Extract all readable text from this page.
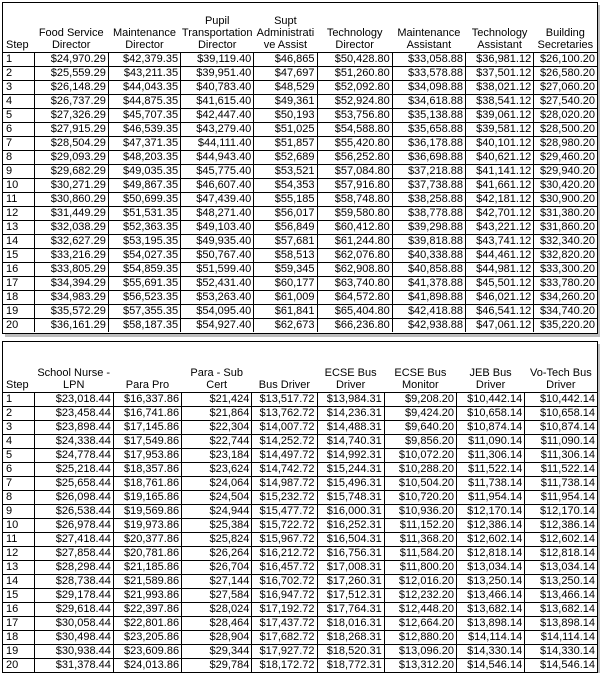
Step	Food Service Director	Maintenance Director	Pupil Transportation Director	Supt Administrative Assist	Technology Director	Maintenance Assistant	Technology Assistant	Building Secretaries
1	$24,970.29	$42,379.35	$39,119.40	$46,865	$50,428.80	$33,058.88	$36,981.12	$26,100.20
2	$25,559.29	$43,211.35	$39,951.40	$47,697	$51,260.80	$33,578.88	$37,501.12	$26,580.20
3	$26,148.29	$44,043.35	$40,783.40	$48,529	$52,092.80	$34,098.88	$38,021.12	$27,060.20
4	$26,737.29	$44,875.35	$41,615.40	$49,361	$52,924.80	$34,618.88	$38,541.12	$27,540.20
5	$27,326.29	$45,707.35	$42,447.40	$50,193	$53,756.80	$35,138.88	$39,061.12	$28,020.20
6	$27,915.29	$46,539.35	$43,279.40	$51,025	$54,588.80	$35,658.88	$39,581.12	$28,500.20
7	$28,504.29	$47,371.35	$44,111.40	$51,857	$55,420.80	$36,178.88	$40,101.12	$28,980.20
8	$29,093.29	$48,203.35	$44,943.40	$52,689	$56,252.80	$36,698.88	$40,621.12	$29,460.20
9	$29,682.29	$49,035.35	$45,775.40	$53,521	$57,084.80	$37,218.88	$41,141.12	$29,940.20
10	$30,271.29	$49,867.35	$46,607.40	$54,353	$57,916.80	$37,738.88	$41,661.12	$30,420.20
11	$30,860.29	$50,699.35	$47,439.40	$55,185	$58,748.80	$38,258.88	$42,181.12	$30,900.20
12	$31,449.29	$51,531.35	$48,271.40	$56,017	$59,580.80	$38,778.88	$42,701.12	$31,380.20
13	$32,038.29	$52,363.35	$49,103.40	$56,849	$60,412.80	$39,298.88	$43,221.12	$31,860.20
14	$32,627.29	$53,195.35	$49,935.40	$57,681	$61,244.80	$39,818.88	$43,741.12	$32,340.20
15	$33,216.29	$54,027.35	$50,767.40	$58,513	$62,076.80	$40,338.88	$44,461.12	$32,820.20
16	$33,805.29	$54,859.35	$51,599.40	$59,345	$62,908.80	$40,858.88	$44,981.12	$33,300.20
17	$34,394.29	$55,691.35	$52,431.40	$60,177	$63,740.80	$41,378.88	$45,501.12	$33,780.20
18	$34,983.29	$56,523.35	$53,263.40	$61,009	$64,572.80	$41,898.88	$46,021.12	$34,260.20
19	$35,572.29	$57,355.35	$54,095.40	$61,841	$65,404.80	$42,418.88	$46,541.12	$34,740.20
20	$36,161.29	$58,187.35	$54,927.40	$62,673	$66,236.80	$42,938.88	$47,061.12	$35,220.20
Step	School Nurse - LPN	Para Pro	Para - Sub Cert	Bus Driver	ECSE Bus Driver	ECSE Bus Monitor	JEB Bus Driver	Vo-Tech Bus Driver
1	$23,018.44	$16,337.86	$21,424	$13,517.72	$13,984.31	$9,208.20	$10,442.14	$10,442.14
2	$23,458.44	$16,741.86	$21,864	$13,762.72	$14,236.31	$9,424.20	$10,658.14	$10,658.14
3	$23,898.44	$17,145.86	$22,304	$14,007.72	$14,488.31	$9,640.20	$10,874.14	$10,874.14
4	$24,338.44	$17,549.86	$22,744	$14,252.72	$14,740.31	$9,856.20	$11,090.14	$11,090.14
5	$24,778.44	$17,953.86	$23,184	$14,497.72	$14,992.31	$10,072.20	$11,306.14	$11,306.14
6	$25,218.44	$18,357.86	$23,624	$14,742.72	$15,244.31	$10,288.20	$11,522.14	$11,522.14
7	$25,658.44	$18,761.86	$24,064	$14,987.72	$15,496.31	$10,504.20	$11,738.14	$11,738.14
8	$26,098.44	$19,165.86	$24,504	$15,232.72	$15,748.31	$10,720.20	$11,954.14	$11,954.14
9	$26,538.44	$19,569.86	$24,944	$15,477.72	$16,000.31	$10,936.20	$12,170.14	$12,170.14
10	$26,978.44	$19,973.86	$25,384	$15,722.72	$16,252.31	$11,152.20	$12,386.14	$12,386.14
11	$27,418.44	$20,377.86	$25,824	$15,967.72	$16,504.31	$11,368.20	$12,602.14	$12,602.14
12	$27,858.44	$20,781.86	$26,264	$16,212.72	$16,756.31	$11,584.20	$12,818.14	$12,818.14
13	$28,298.44	$21,185.86	$26,704	$16,457.72	$17,008.31	$11,800.20	$13,034.14	$13,034.14
14	$28,738.44	$21,589.86	$27,144	$16,702.72	$17,260.31	$12,016.20	$13,250.14	$13,250.14
15	$29,178.44	$21,993.86	$27,584	$16,947.72	$17,512.31	$12,232.20	$13,466.14	$13,466.14
16	$29,618.44	$22,397.86	$28,024	$17,192.72	$17,764.31	$12,448.20	$13,682.14	$13,682.14
17	$30,058.44	$22,801.86	$28,464	$17,437.72	$18,016.31	$12,664.20	$13,898.14	$13,898.14
18	$30,498.44	$23,205.86	$28,904	$17,682.72	$18,268.31	$12,880.20	$14,114.14	$14,114.14
19	$30,938.44	$23,609.86	$29,344	$17,927.72	$18,520.31	$13,096.20	$14,330.14	$14,330.14
20	$31,378.44	$24,013.86	$29,784	$18,172.72	$18,772.31	$13,312.20	$14,546.14	$14,546.14
